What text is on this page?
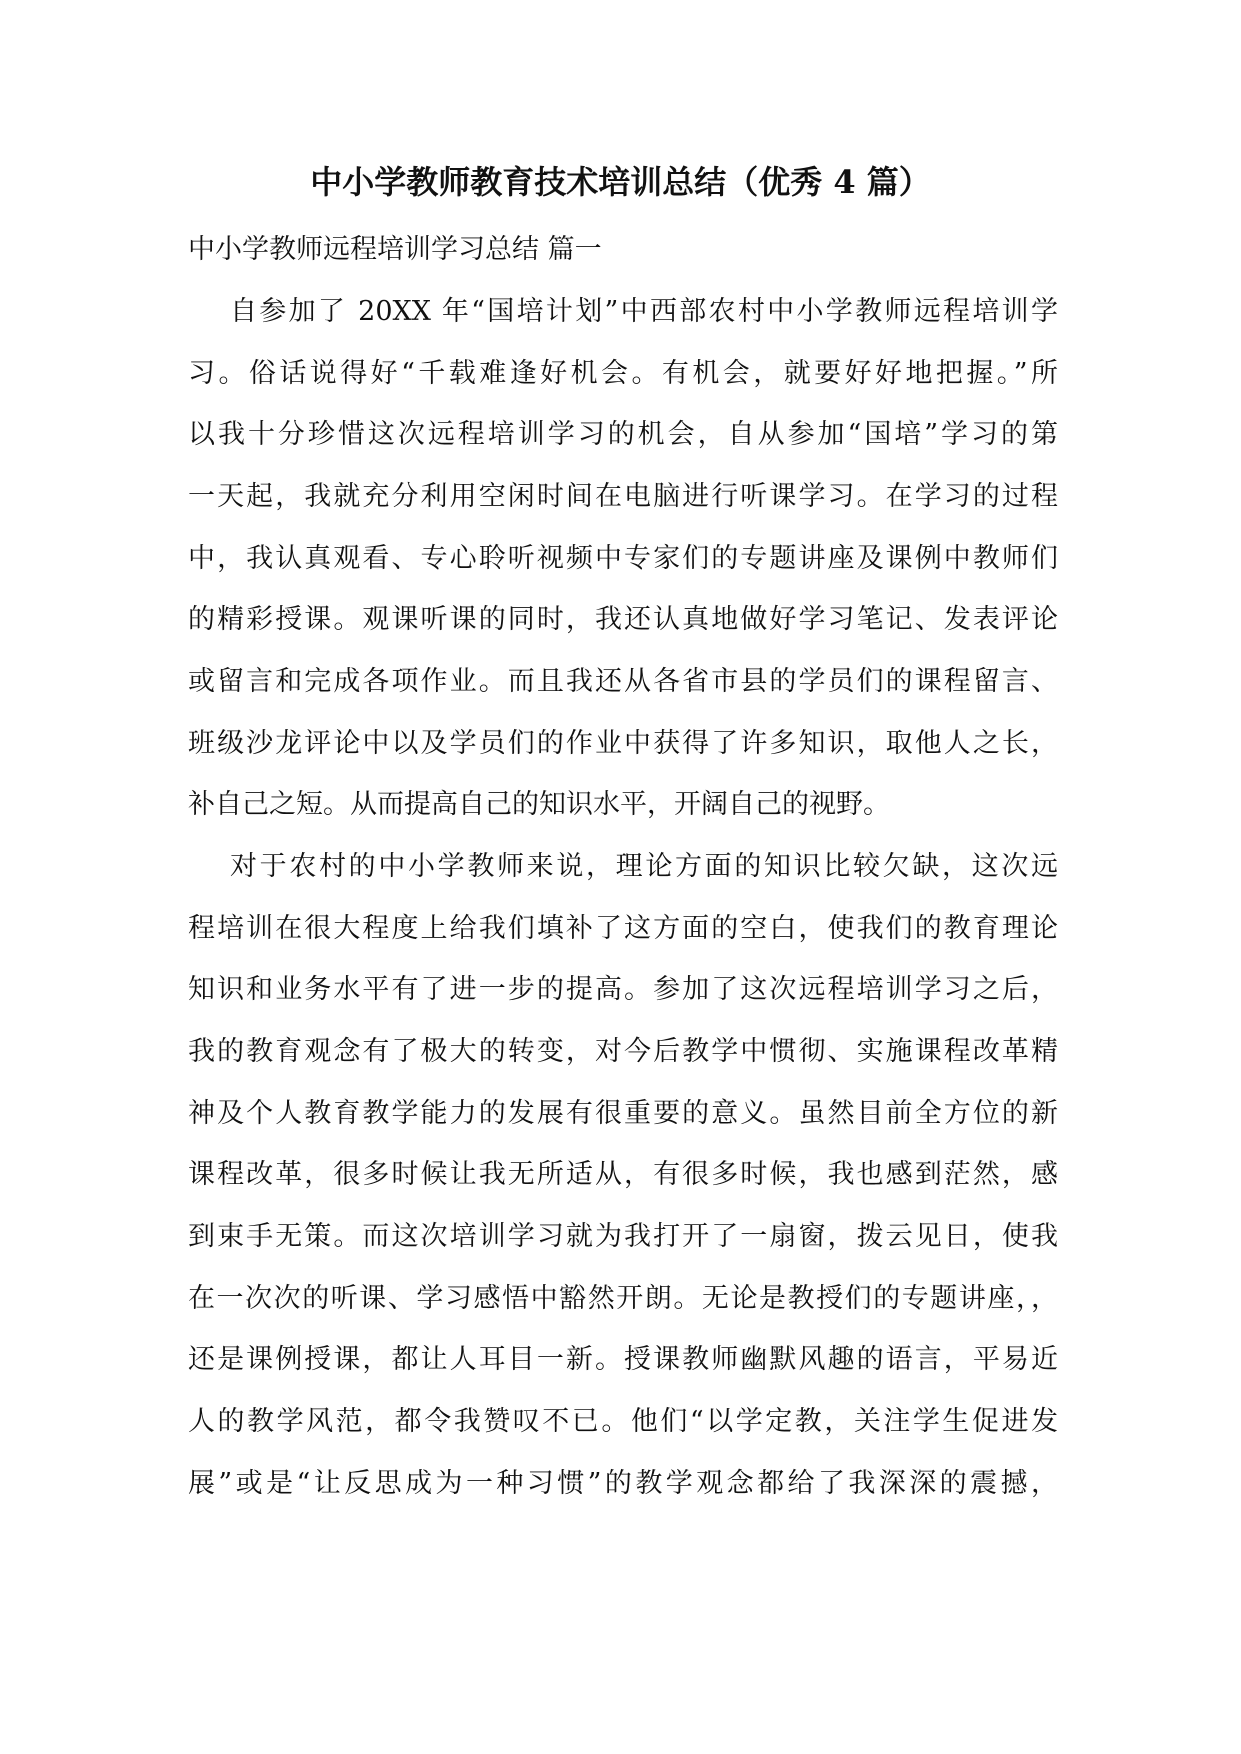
中小学教师教育技术培训总结（优秀 4 篇）
中小学教师远程培训学习总结 篇一
自参加了 20XX 年“国培计划”中西部农村中小学教师远程培训学
习。俗话说得好“千载难逢好机会。有机会，就要好好地把握。”所
以我十分珍惜这次远程培训学习的机会，自从参加“国培”学习的第
一天起，我就充分利用空闲时间在电脑进行听课学习。在学习的过程
中，我认真观看、专心聆听视频中专家们的专题讲座及课例中教师们
的精彩授课。观课听课的同时，我还认真地做好学习笔记、发表评论
或留言和完成各项作业。而且我还从各省市县的学员们的课程留言、
班级沙龙评论中以及学员们的作业中获得了许多知识，取他人之长，
补自己之短。从而提高自己的知识水平，开阔自己的视野。
对于农村的中小学教师来说，理论方面的知识比较欠缺，这次远
程培训在很大程度上给我们填补了这方面的空白，使我们的教育理论
知识和业务水平有了进一步的提高。参加了这次远程培训学习之后，
我的教育观念有了极大的转变，对今后教学中惯彻、实施课程改革精
神及个人教育教学能力的发展有很重要的意义。虽然目前全方位的新
课程改革，很多时候让我无所适从，有很多时候，我也感到茫然，感
到束手无策。而这次培训学习就为我打开了一扇窗，拨云见日，使我
在一次次的听课、学习感悟中豁然开朗。无论是教授们的专题讲座，，
还是课例授课，都让人耳目一新。授课教师幽默风趣的语言，平易近
人的教学风范，都令我赞叹不已。他们“以学定教，关注学生促进发
展”或是“让反思成为一种习惯”的教学观念都给了我深深的震撼，
